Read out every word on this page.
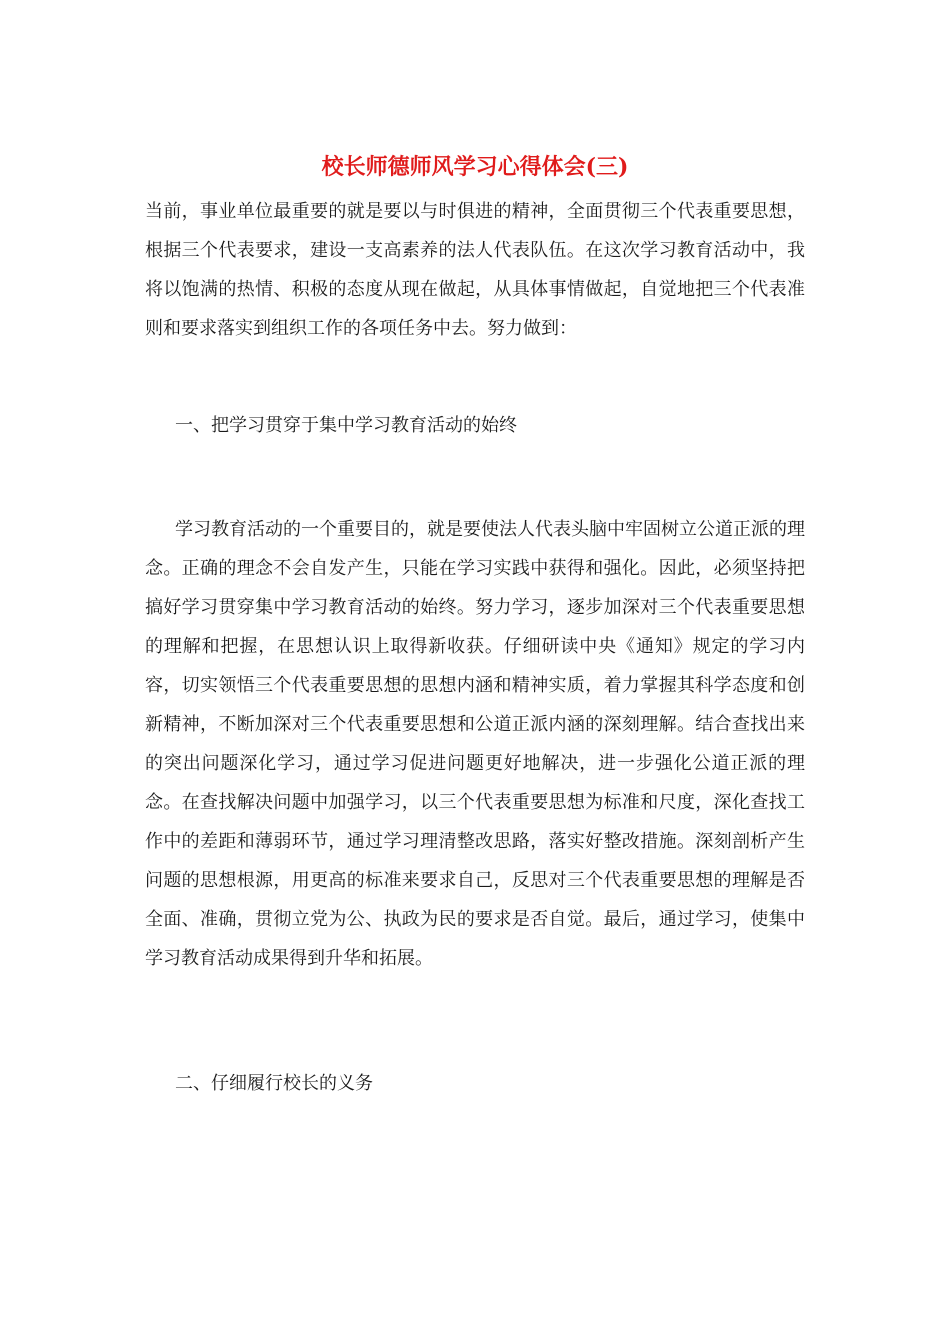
校长师德师风学习心得体会(三)

当前，事业单位最重要的就是要以与时俱进的精神，全面贯彻三个代表重要思想，根据三个代表要求，建设一支高素养的法人代表队伍。在这次学习教育活动中，我将以饱满的热情、积极的态度从现在做起，从具体事情做起，自觉地把三个代表准则和要求落实到组织工作的各项任务中去。努力做到：

一、把学习贯穿于集中学习教育活动的始终

学习教育活动的一个重要目的，就是要使法人代表头脑中牢固树立公道正派的理念。正确的理念不会自发产生，只能在学习实践中获得和强化。因此，必须坚持把搞好学习贯穿集中学习教育活动的始终。努力学习，逐步加深对三个代表重要思想的理解和把握，在思想认识上取得新收获。仔细研读中央《通知》规定的学习内容，切实领悟三个代表重要思想的思想内涵和精神实质，着力掌握其科学态度和创新精神，不断加深对三个代表重要思想和公道正派内涵的深刻理解。结合查找出来的突出问题深化学习，通过学习促进问题更好地解决，进一步强化公道正派的理念。在查找解决问题中加强学习，以三个代表重要思想为标准和尺度，深化查找工作中的差距和薄弱环节，通过学习理清整改思路，落实好整改措施。深刻剖析产生问题的思想根源，用更高的标准来要求自己，反思对三个代表重要思想的理解是否全面、准确，贯彻立党为公、执政为民的要求是否自觉。最后，通过学习，使集中学习教育活动成果得到升华和拓展。

二、仔细履行校长的义务
